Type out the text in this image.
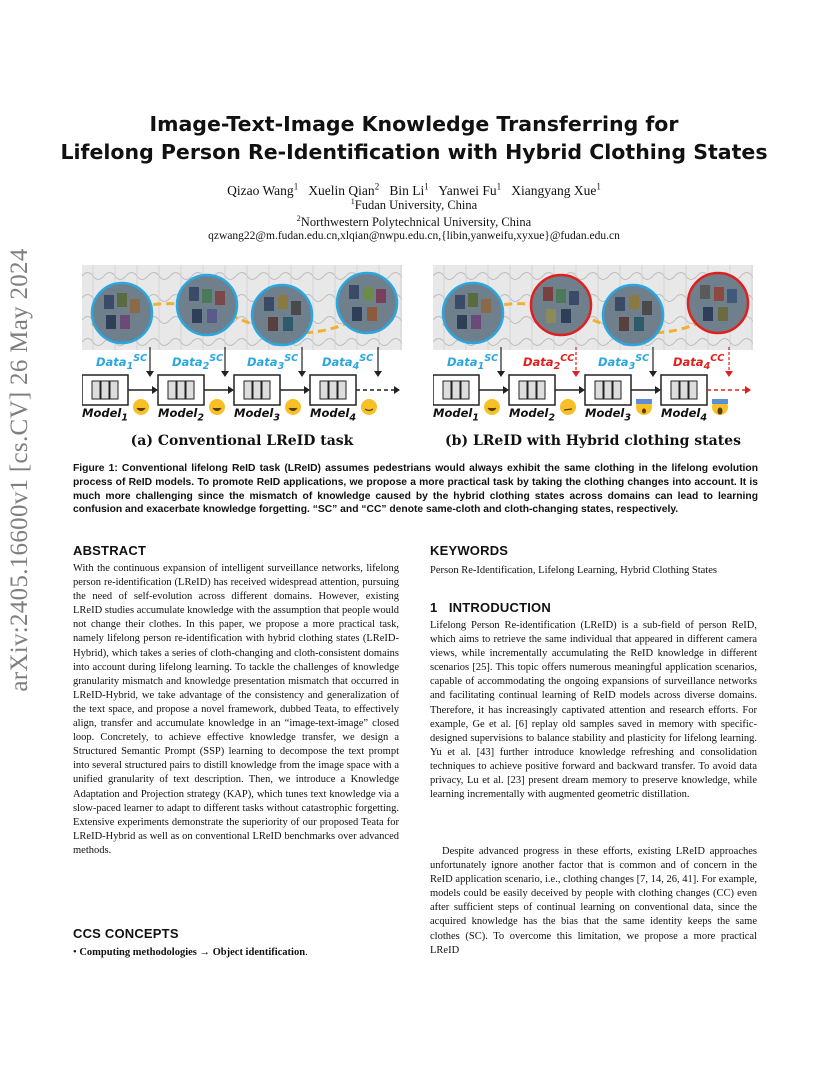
arXiv:2405.16600v1 [cs.CV] 26 May 2024
Image-Text-Image Knowledge Transferring for
Lifelong Person Re-Identification with Hybrid Clothing States
Qizao Wang$^1$ Xuelin Qian$^2$ Bin Li$^1$ Yanwei Fu$^1$ Xiangyang Xue$^1$
$^1$Fudan University, China
$^2$Northwestern Polytechnical University, China
qzwang22@m.fudan.edu.cn,xlqian@nwpu.edu.cn,{libin,yanweifu,xyxue}@fudan.edu.cn
Data$_1^{SC}$ Data$_2^{SC}$ Data$_3^{SC}$ Data$_4^{SC}$
Model$_1$	Model$_2$	Model$_3$	Model$_4$
(a) Conventional LReID task
Data$_1^{SC}$ Data$_2^{CC}$ Data$_3^{SC}$ Data$_4^{CC}$
Model$_1$	Model$_2$	Model$_3$	Model$_4$
(b) LReID with Hybrid clothing states
Figure 1: Conventional lifelong ReID task (LReID) assumes pedestrians would always exhibit the same clothing in the lifelong evolution process of ReID models. To promote ReID applications, we propose a more practical task by taking the clothing changes into account. It is much more challenging since the mismatch of knowledge caused by the hybrid clothing states across domains can lead to learning confusion and exacerbate knowledge forgetting. “SC” and “CC” denote same-cloth and cloth-changing states, respectively.
ABSTRACT
With the continuous expansion of intelligent surveillance networks, lifelong person re-identification (LReID) has received widespread attention, pursuing the need of self-evolution across different domains. However, existing LReID studies accumulate knowledge with the assumption that people would not change their clothes. In this paper, we propose a more practical task, namely lifelong person re-identification with hybrid clothing states (LReID-Hybrid), which takes a series of cloth-changing and cloth-consistent domains into account during lifelong learning. To tackle the challenges of knowledge granularity mismatch and knowledge presentation mismatch that occurred in LReID-Hybrid, we take advantage of the consistency and generalization of the text space, and propose a novel framework, dubbed Teata, to effectively align, transfer and accumulate knowledge in an “image-text-image” closed loop. Concretely, to achieve effective knowledge transfer, we design a Structured Semantic Prompt (SSP) learning to decompose the text prompt into several structured pairs to distill knowledge from the image space with a unified granularity of text description. Then, we introduce a Knowledge Adaptation and Projection strategy (KAP), which tunes text knowledge via a slow-paced learner to adapt to different tasks without catastrophic forgetting. Extensive experiments demonstrate the superiority of our proposed Teata for LReID-Hybrid as well as on conventional LReID benchmarks over advanced methods.
CCS CONCEPTS
• Computing methodologies → Object identification.
KEYWORDS
Person Re-Identification, Lifelong Learning, Hybrid Clothing States
1 INTRODUCTION
Lifelong Person Re-identification (LReID) is a sub-field of person ReID, which aims to retrieve the same individual that appeared in different camera views, while incrementally accumulating the ReID knowledge in different scenarios [25]. This topic offers numerous meaningful application scenarios, capable of accommodating the ongoing expansions of surveillance networks and facilitating continual learning of ReID models across diverse domains. Therefore, it has increasingly captivated attention and research efforts. For example, Ge et al. [6] replay old samples saved in memory with specific-designed supervisions to balance stability and plasticity for lifelong learning. Yu et al. [43] further introduce knowledge refreshing and consolidation techniques to achieve positive forward and backward transfer. To avoid data privacy, Lu et al. [23] present dream memory to preserve knowledge, while learning incrementally with augmented geometric distillation.
Despite advanced progress in these efforts, existing LReID approaches unfortunately ignore another factor that is common and of concern in the ReID application scenario, i.e., clothing changes [7, 14, 26, 41]. For example, models could be easily deceived by people with clothing changes (CC) even after sufficient steps of continual learning on conventional data, since the acquired knowledge has the bias that the same identity keeps the same clothes (SC). To overcome this limitation, we propose a more practical LReID
